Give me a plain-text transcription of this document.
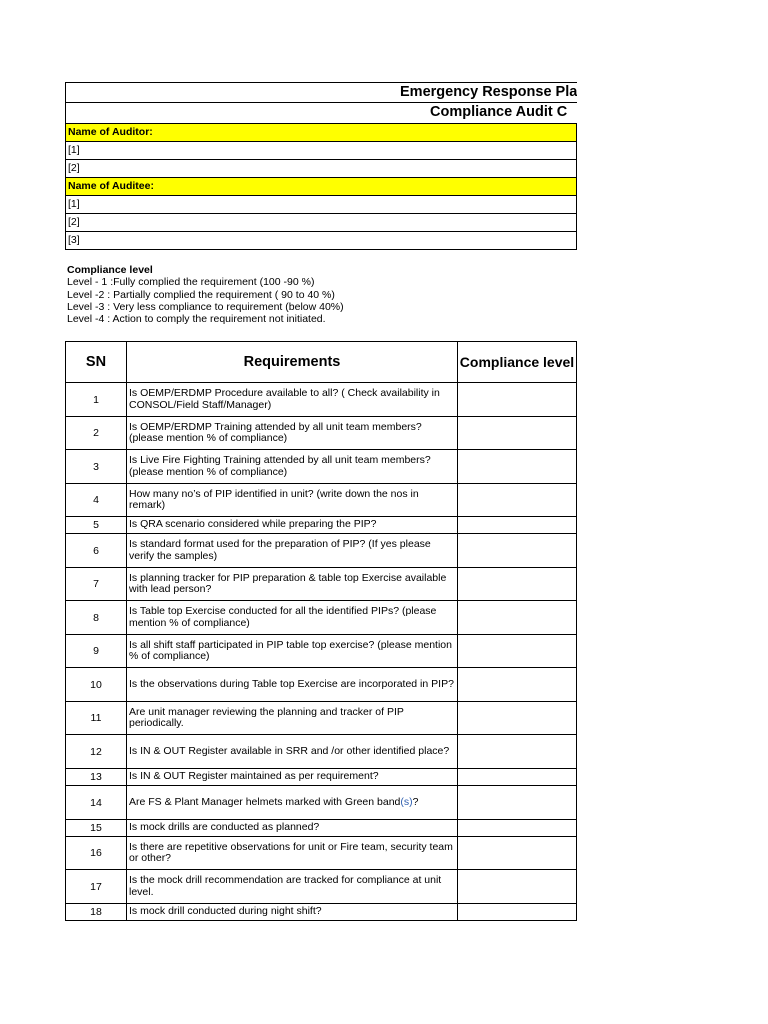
Emergency Response Pla
Compliance Audit C
Name of Auditor:
[1]
[2]
Name of Auditee:
[1]
[2]
[3]
Compliance level
Level - 1 :Fully complied the requirement (100 -90 %)
Level -2 : Partially complied the requirement ( 90 to 40 %)
Level -3 : Very less compliance to requirement (below 40%)
Level -4 : Action to comply the requirement not initiated.
SN	Requirements	Compliance level
1	Is OEMP/ERDMP Procedure available to all? ( Check availability in CONSOL/Field Staff/Manager)	
2	Is OEMP/ERDMP Training attended by all unit team members? (please mention % of compliance)	
3	Is Live Fire Fighting Training attended by all unit team members? (please mention % of compliance)	
4	How many no’s of PIP identified in unit? (write down the nos in remark)	
5	Is QRA scenario considered while preparing the PIP?	
6	Is standard format used for the preparation of PIP? (If yes please verify the samples)	
7	Is planning tracker for PIP preparation & table top Exercise available with lead person?	
8	Is Table top Exercise conducted for all the identified PIPs? (please mention % of compliance)	
9	Is all shift staff participated in PIP table top exercise? (please mention % of compliance)	
10	Is the observations during Table top Exercise are incorporated in PIP?	
11	Are unit manager reviewing the planning and tracker of PIP periodically.	
12	Is IN & OUT Register available in SRR and /or other identified place?	
13	Is IN & OUT Register maintained as per requirement?	
14	Are FS & Plant Manager helmets marked with Green band(s)?	
15	Is mock drills are conducted as planned?	
16	Is there are repetitive observations for unit or Fire team, security team or other?	
17	Is the mock drill recommendation are tracked for compliance at unit level.	
18	Is mock drill conducted during night shift?	
